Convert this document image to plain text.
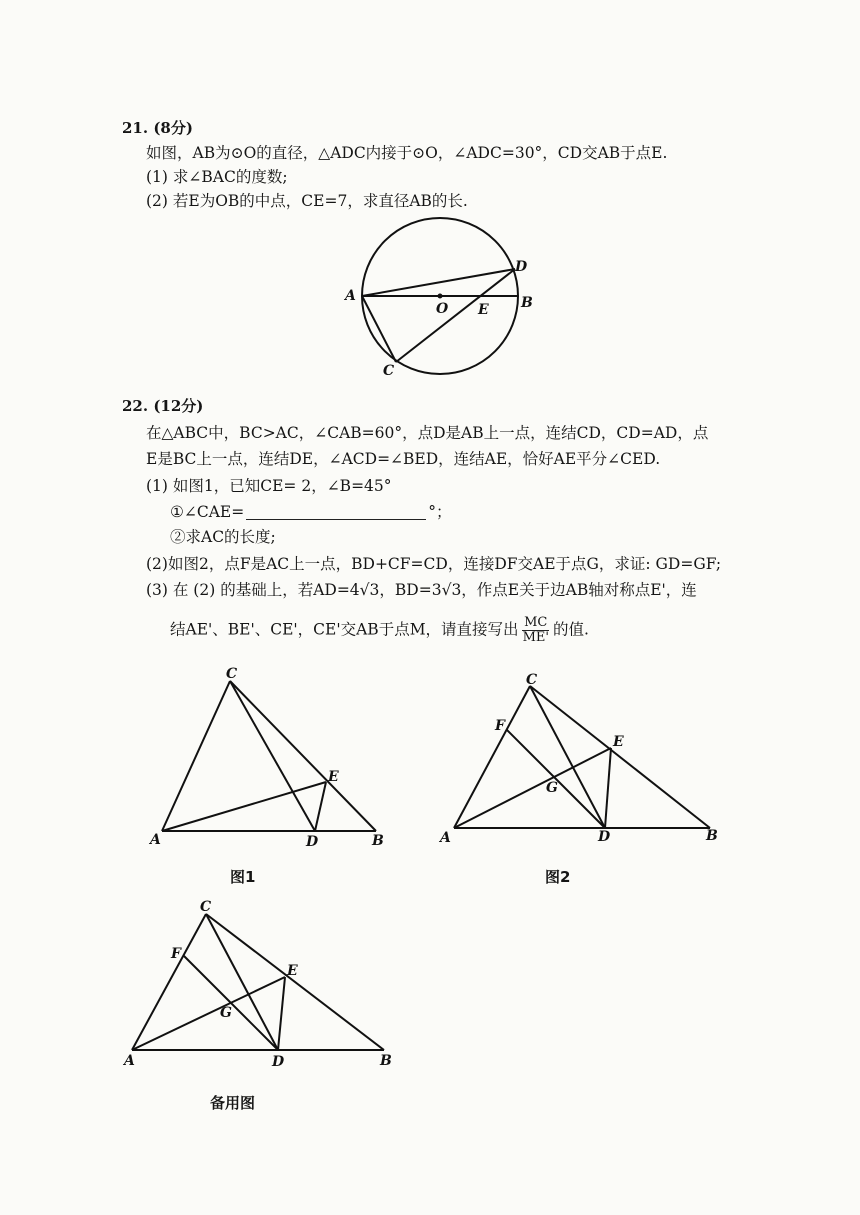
21. (8分)
如图，AB为⊙O的直径，△ADC内接于⊙O，∠ADC=30°，CD交AB于点E.
(1) 求∠BAC的度数;
(2) 若E为OB的中点，CE=7，求直径AB的长.
A	B
C
D
O E
22. (12分)
在△ABC中，BC>AC，∠CAB=60°，点D是AB上一点，连结CD，CD=AD，点
E是BC上一点，连结DE，∠ACD=∠BED，连结AE，恰好AE平分∠CED.
(1) 如图1，已知CE= 2，∠B=45°
①∠CAE=	°；
②求AC的长度;
(2)如图2，点F是AC上一点，BD+CF=CD，连接DF交AE于点G，求证: GD=GF;
(3) 在 (2) 的基础上，若AD=4√3，BD=3√3，作点E关于边AB轴对称点E'，连
结AE'、BE'、CE'，CE'交AB于点M，请直接写出 $\frac{MC}{ME'}$ 的值.
C
A	B
D
E
图1
C
F
E
G
A	D	B
图2
C
F
E
G
A	D	B
备用图
